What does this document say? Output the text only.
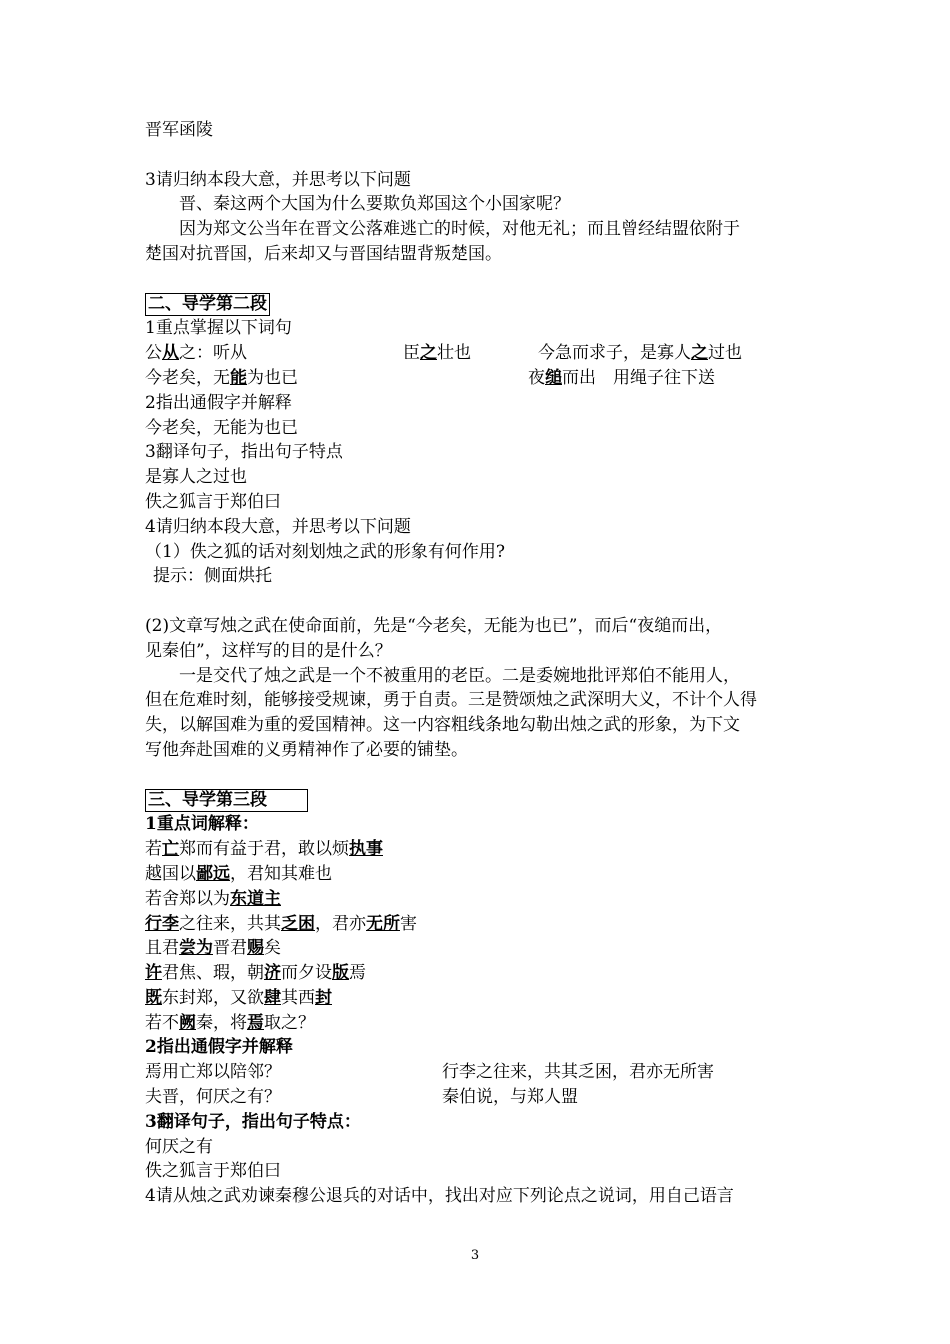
晋军函陵
3请归纳本段大意，并思考以下问题
晋、秦这两个大国为什么要欺负郑国这个小国家呢？
因为郑文公当年在晋文公落难逃亡的时候，对他无礼；而且曾经结盟依附于
楚国对抗晋国，后来却又与晋国结盟背叛楚国。
二、导学第二段
1重点掌握以下词句
公从之：听从	臣之壮也	今急而求子，是寡人之过也
今老矣，无能为也已	夜缒而出　用绳子往下送
2指出通假字并解释
今老矣，无能为也已
3翻译句子，指出句子特点
是寡人之过也
佚之狐言于郑伯曰
4请归纳本段大意，并思考以下问题
（1）佚之狐的话对刻划烛之武的形象有何作用?
提示：侧面烘托
(2)文章写烛之武在使命面前，先是“今老矣，无能为也已”，而后“夜缒而出，
见秦伯”，这样写的目的是什么？
一是交代了烛之武是一个不被重用的老臣。二是委婉地批评郑伯不能用人，
但在危难时刻，能够接受规谏，勇于自责。三是赞颂烛之武深明大义，不计个人得
失，以解国难为重的爱国精神。这一内容粗线条地勾勒出烛之武的形象，为下文
写他奔赴国难的义勇精神作了必要的铺垫。
三、导学第三段
1重点词解释：
若亡郑而有益于君，敢以烦执事
越国以鄙远，君知其难也
若舍郑以为东道主
行李之往来，共其乏困，君亦无所害
且君尝为晋君赐矣
许君焦、瑕，朝济而夕设版焉
既东封郑，又欲肆其西封
若不阙秦，将焉取之？
2指出通假字并解释
焉用亡郑以陪邻？	行李之往来，共其乏困，君亦无所害
夫晋，何厌之有？	秦伯说，与郑人盟
3翻译句子，指出句子特点：
何厌之有
佚之狐言于郑伯曰
4请从烛之武劝谏秦穆公退兵的对话中，找出对应下列论点之说词，用自己语言
3
